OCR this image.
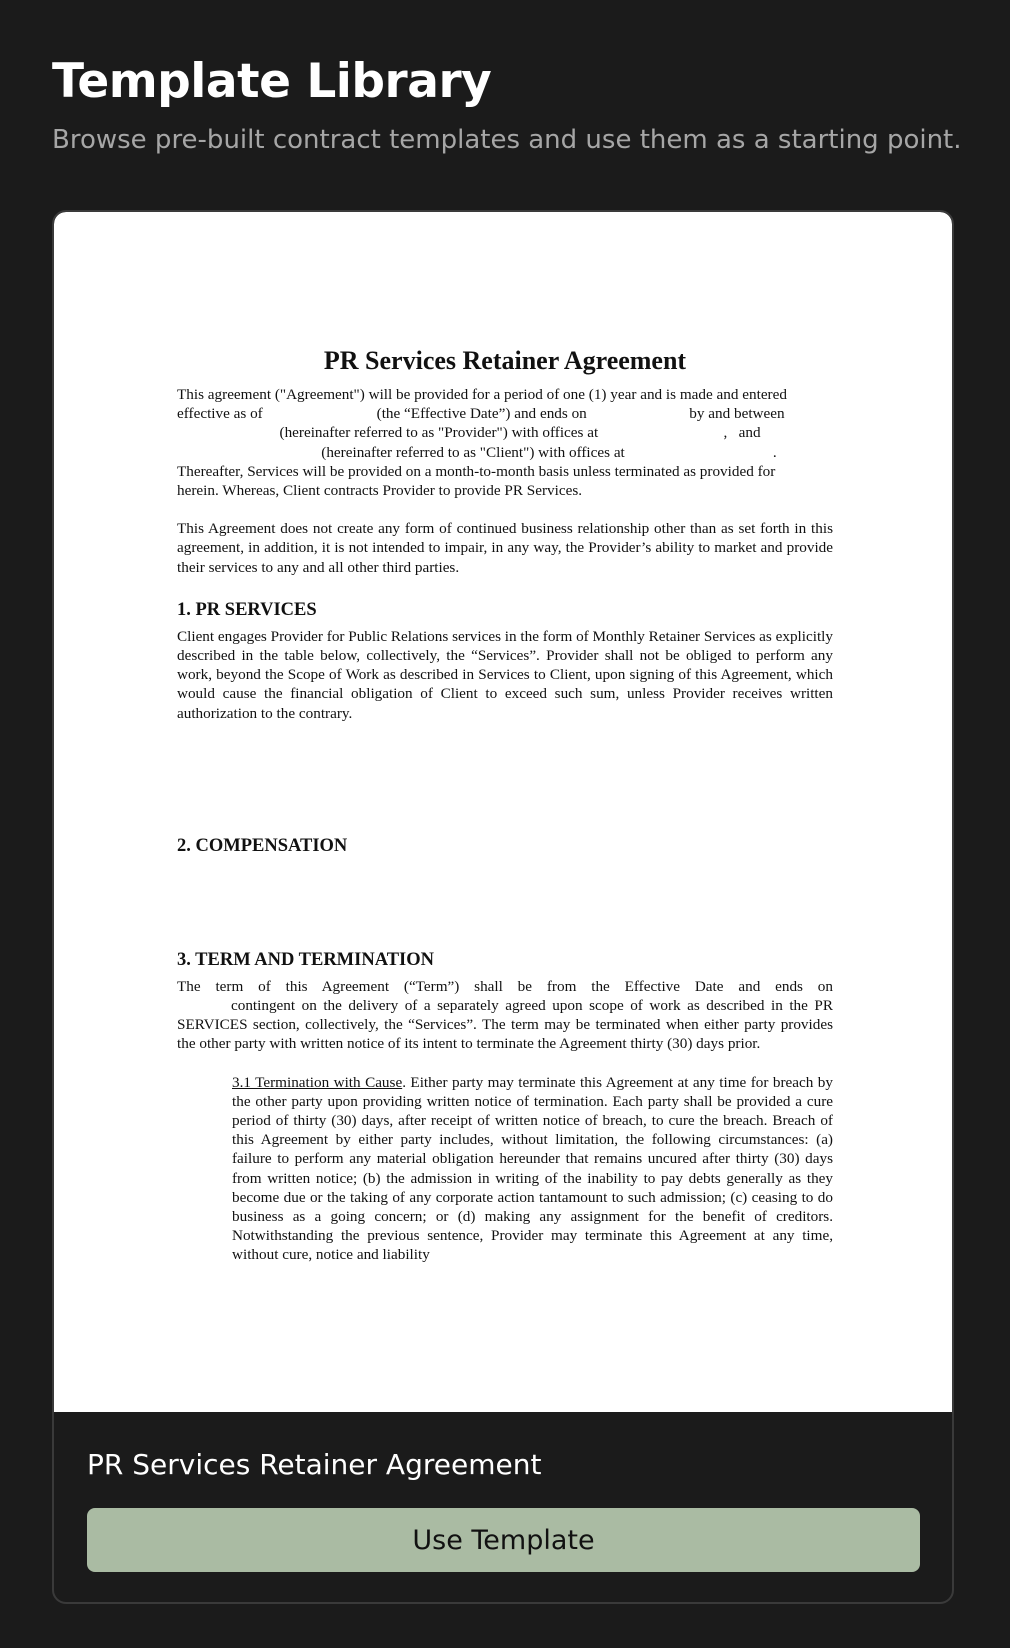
Template Library

Browse pre-built contract templates and use them as a starting point.

PR Services Retainer Agreement

This agreement ("Agreement") will be provided for a period of one (1) year and is made and entered
effective as of                              (the “Effective Date”) and ends on                           by and between
(hereinafter referred to as "Provider") with offices at                                 ,   and
(hereinafter referred to as "Client") with offices at                                       .
Thereafter, Services will be provided on a month-to-month basis unless terminated as provided for
herein. Whereas, Client contracts Provider to provide PR Services.

This Agreement does not create any form of continued business relationship other than as set forth in this agreement, in addition, it is not intended to impair, in any way, the Provider’s ability to market and provide their services to any and all other third parties.

1. PR SERVICES

Client engages Provider for Public Relations services in the form of Monthly Retainer Services as explicitly described in the table below, collectively, the “Services”. Provider shall not be obliged to perform any work, beyond the Scope of Work as described in Services to Client, upon signing of this Agreement, which would cause the financial obligation of Client to exceed such sum, unless Provider receives written authorization to the contrary.

2. COMPENSATION
3. TERM AND TERMINATION

The term of this Agreement (“Term”) shall be from the Effective Date and ends on
contingent on the delivery of a separately agreed upon scope of work as described in the PR SERVICES section, collectively, the “Services”. The term may be terminated when either party provides the other party with written notice of its intent to terminate the Agreement thirty (30) days prior.

3.1 Termination with Cause. Either party may terminate this Agreement at any time for breach by the other party upon providing written notice of termination. Each party shall be provided a cure period of thirty (30) days, after receipt of written notice of breach, to cure the breach. Breach of this Agreement by either party includes, without limitation, the following circumstances: (a) failure to perform any material obligation hereunder that remains uncured after thirty (30) days from written notice; (b) the admission in writing of the inability to pay debts generally as they become due or the taking of any corporate action tantamount to such admission; (c) ceasing to do business as a going concern; or (d) making any assignment for the benefit of creditors. Notwithstanding the previous sentence, Provider may terminate this Agreement at any time, without cure, notice and liability

PR Services Retainer Agreement
Use Template
